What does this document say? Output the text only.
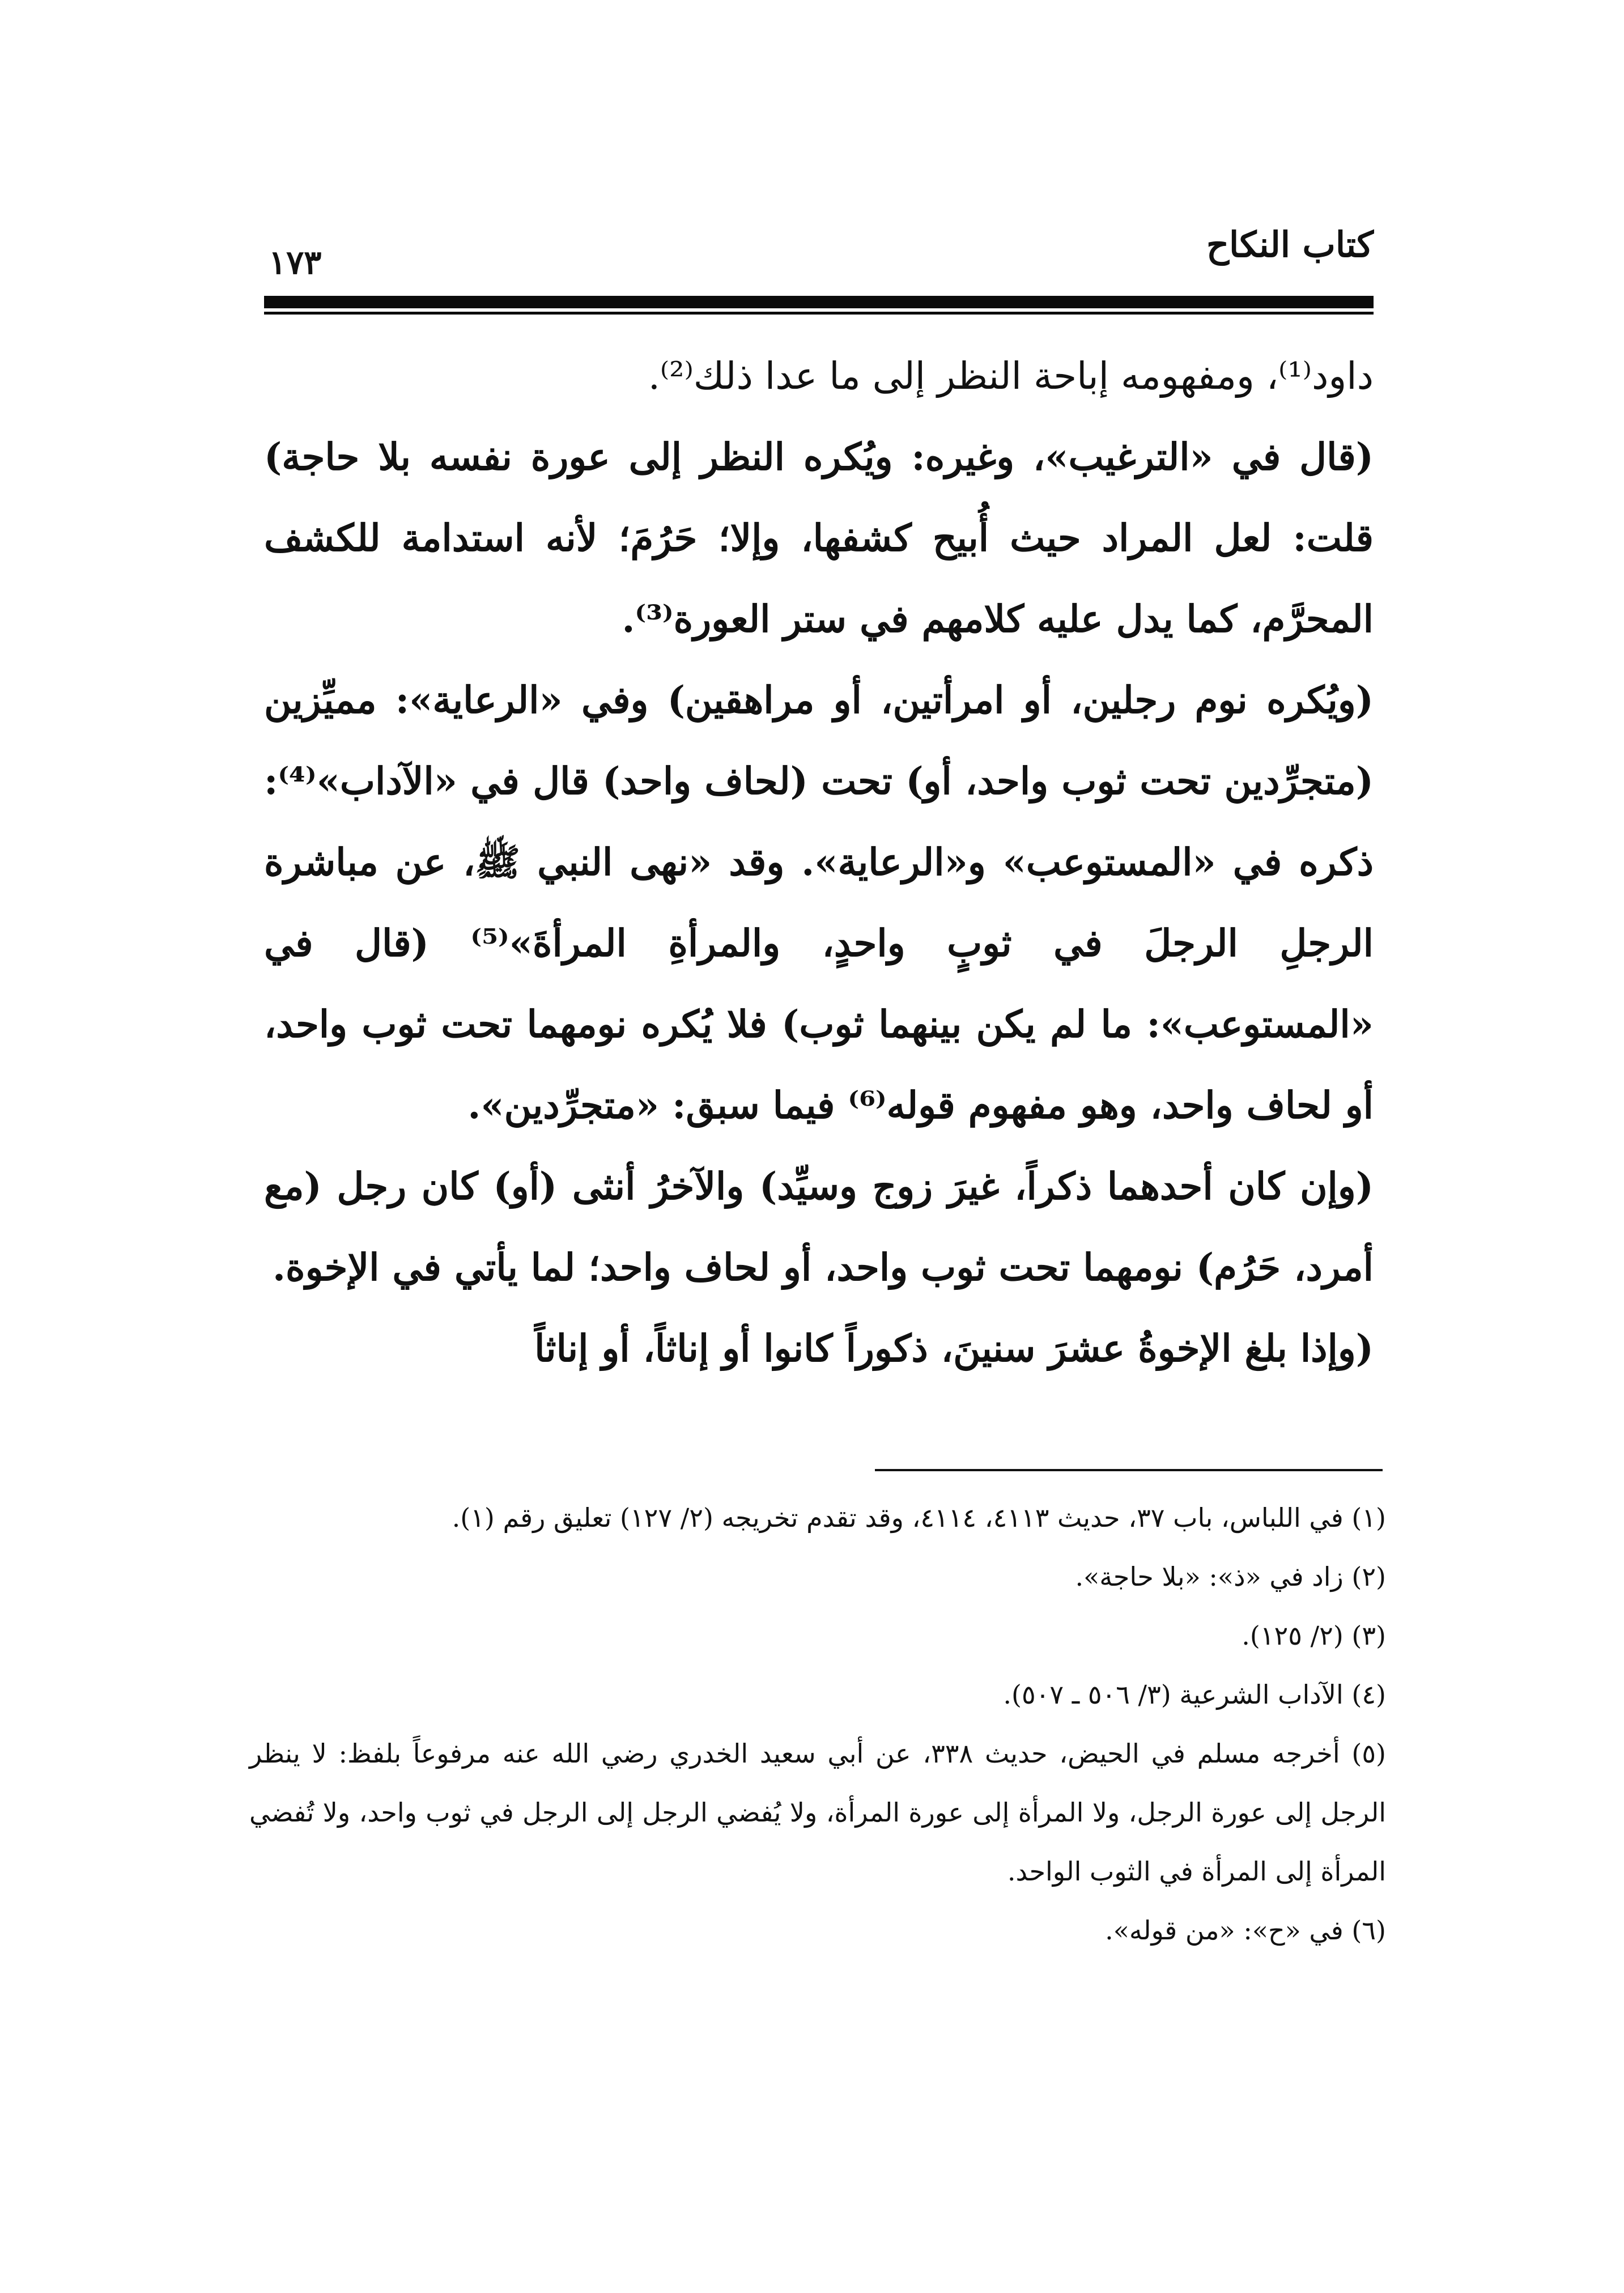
كتاب النكاح
١٧٣

داود⁽¹⁾، ومفهومه إباحة النظر إلى ما عدا ذلك⁽²⁾.

(قال في «الترغيب»، وغيره: ويُكره النظر إلى عورة نفسه بلا حاجة) قلت: لعل المراد حيث أُبيح كشفها، وإلا؛ حَرُمَ؛ لأنه استدامة للكشف المحرَّم، كما يدل عليه كلامهم في ستر العورة⁽³⁾.

(ويُكره نوم رجلين، أو امرأتين، أو مراهقين) وفي «الرعاية»: مميِّزين (متجرِّدين تحت ثوب واحد، أو) تحت (لحاف واحد) قال في «الآداب»⁽⁴⁾: ذكره في «المستوعب» و«الرعاية». وقد «نهى النبي ﷺ، عن مباشرة الرجلِ الرجلَ في ثوبٍ واحدٍ، والمرأةِ المرأةَ»⁽⁵⁾ (قال في «المستوعب»: ما لم يكن بينهما ثوب) فلا يُكره نومهما تحت ثوب واحد، أو لحاف واحد، وهو مفهوم قوله⁽⁶⁾ فيما سبق: «متجرِّدين».

(وإن كان أحدهما ذكراً، غيرَ زوج وسيِّد) والآخرُ أنثى (أو) كان رجل (مع أمرد، حَرُم) نومهما تحت ثوب واحد، أو لحاف واحد؛ لما يأتي في الإخوة.

(وإذا بلغ الإخوةُ عشرَ سنينَ، ذكوراً كانوا أو إناثاً، أو إناثاً

(١) في اللباس، باب ٣٧، حديث ٤١١٣، ٤١١٤، وقد تقدم تخريجه (٢/ ١٢٧) تعليق رقم (١).
(٢) زاد في «ذ»: «بلا حاجة».
(٣) (٢/ ١٢٥).
(٤) الآداب الشرعية (٣/ ٥٠٦ ـ ٥٠٧).
(٥) أخرجه مسلم في الحيض، حديث ٣٣٨، عن أبي سعيد الخدري رضي الله عنه مرفوعاً بلفظ: لا ينظر الرجل إلى عورة الرجل، ولا المرأة إلى عورة المرأة، ولا يُفضي الرجل إلى الرجل في ثوب واحد، ولا تُفضي المرأة إلى المرأة في الثوب الواحد.
(٦) في «ح»: «من قوله».
